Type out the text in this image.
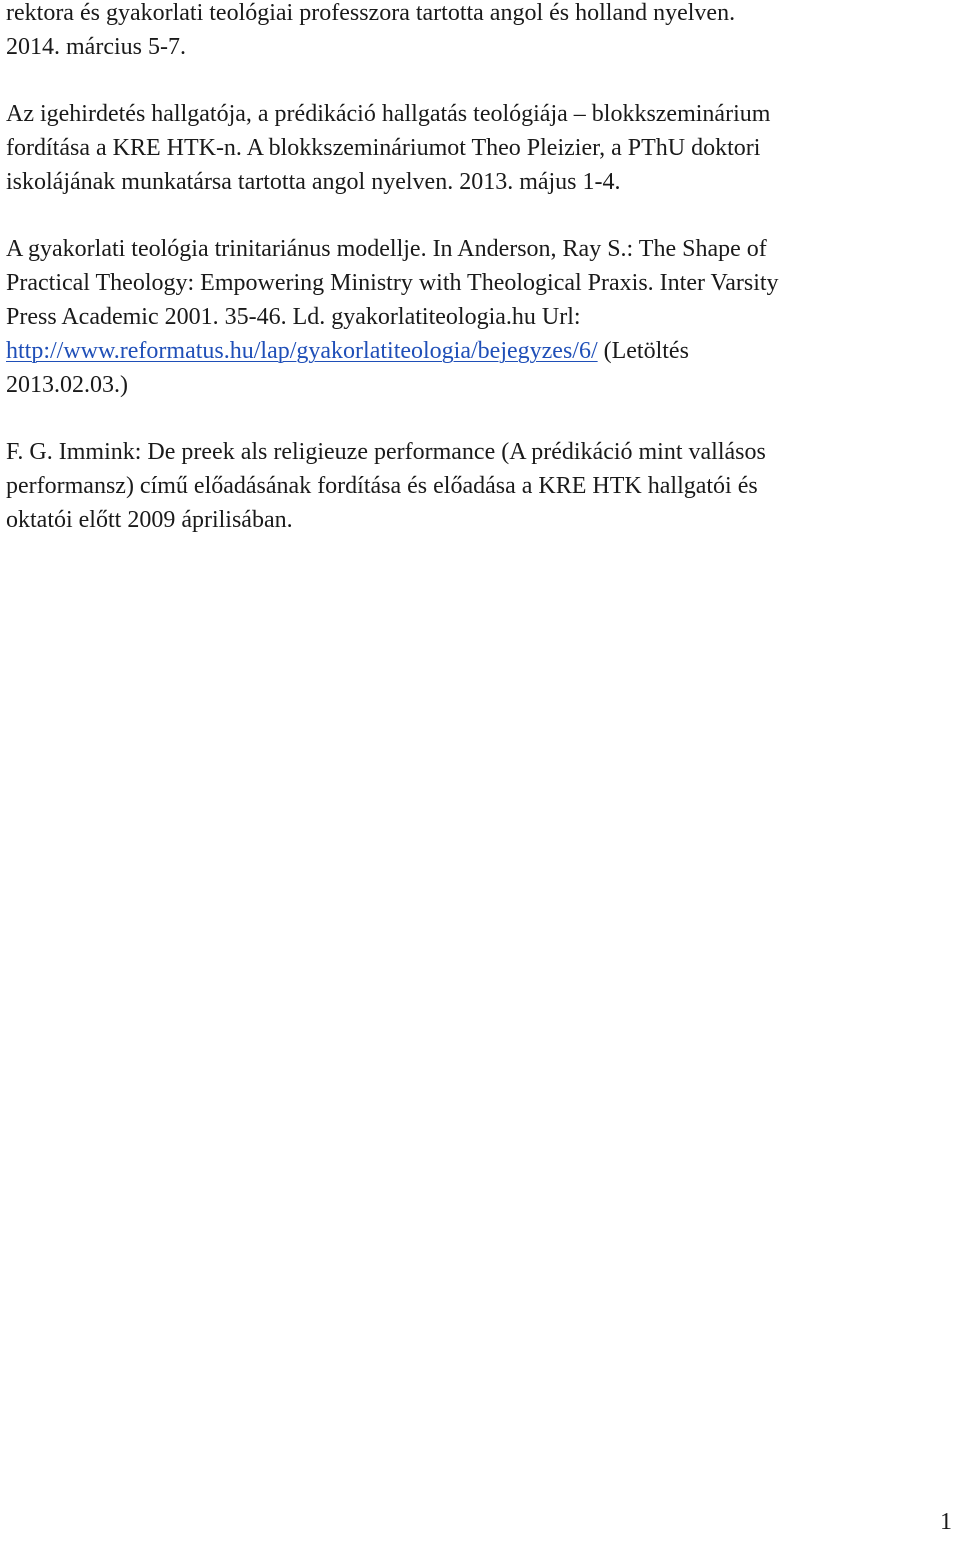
rektora és gyakorlati teológiai professzora tartotta angol és holland nyelven.
2014. március 5-7.

Az igehirdetés hallgatója, a prédikáció hallgatás teológiája – blokkszeminárium
fordítása a KRE HTK-n. A blokkszemináriumot Theo Pleizier, a PThU doktori
iskolájának munkatársa tartotta angol nyelven. 2013. május 1-4.

A gyakorlati teológia trinitariánus modellje. In Anderson, Ray S.: The Shape of
Practical Theology: Empowering Ministry with Theological Praxis. Inter Varsity
Press Academic 2001. 35-46. Ld. gyakorlatiteologia.hu Url:
http://www.reformatus.hu/lap/gyakorlatiteologia/bejegyzes/6/ (Letöltés
2013.02.03.)

F. G. Immink: De preek als religieuze performance (A prédikáció mint vallásos
performansz) című előadásának fordítása és előadása a KRE HTK hallgatói és
oktatói előtt 2009 áprilisában.

1
